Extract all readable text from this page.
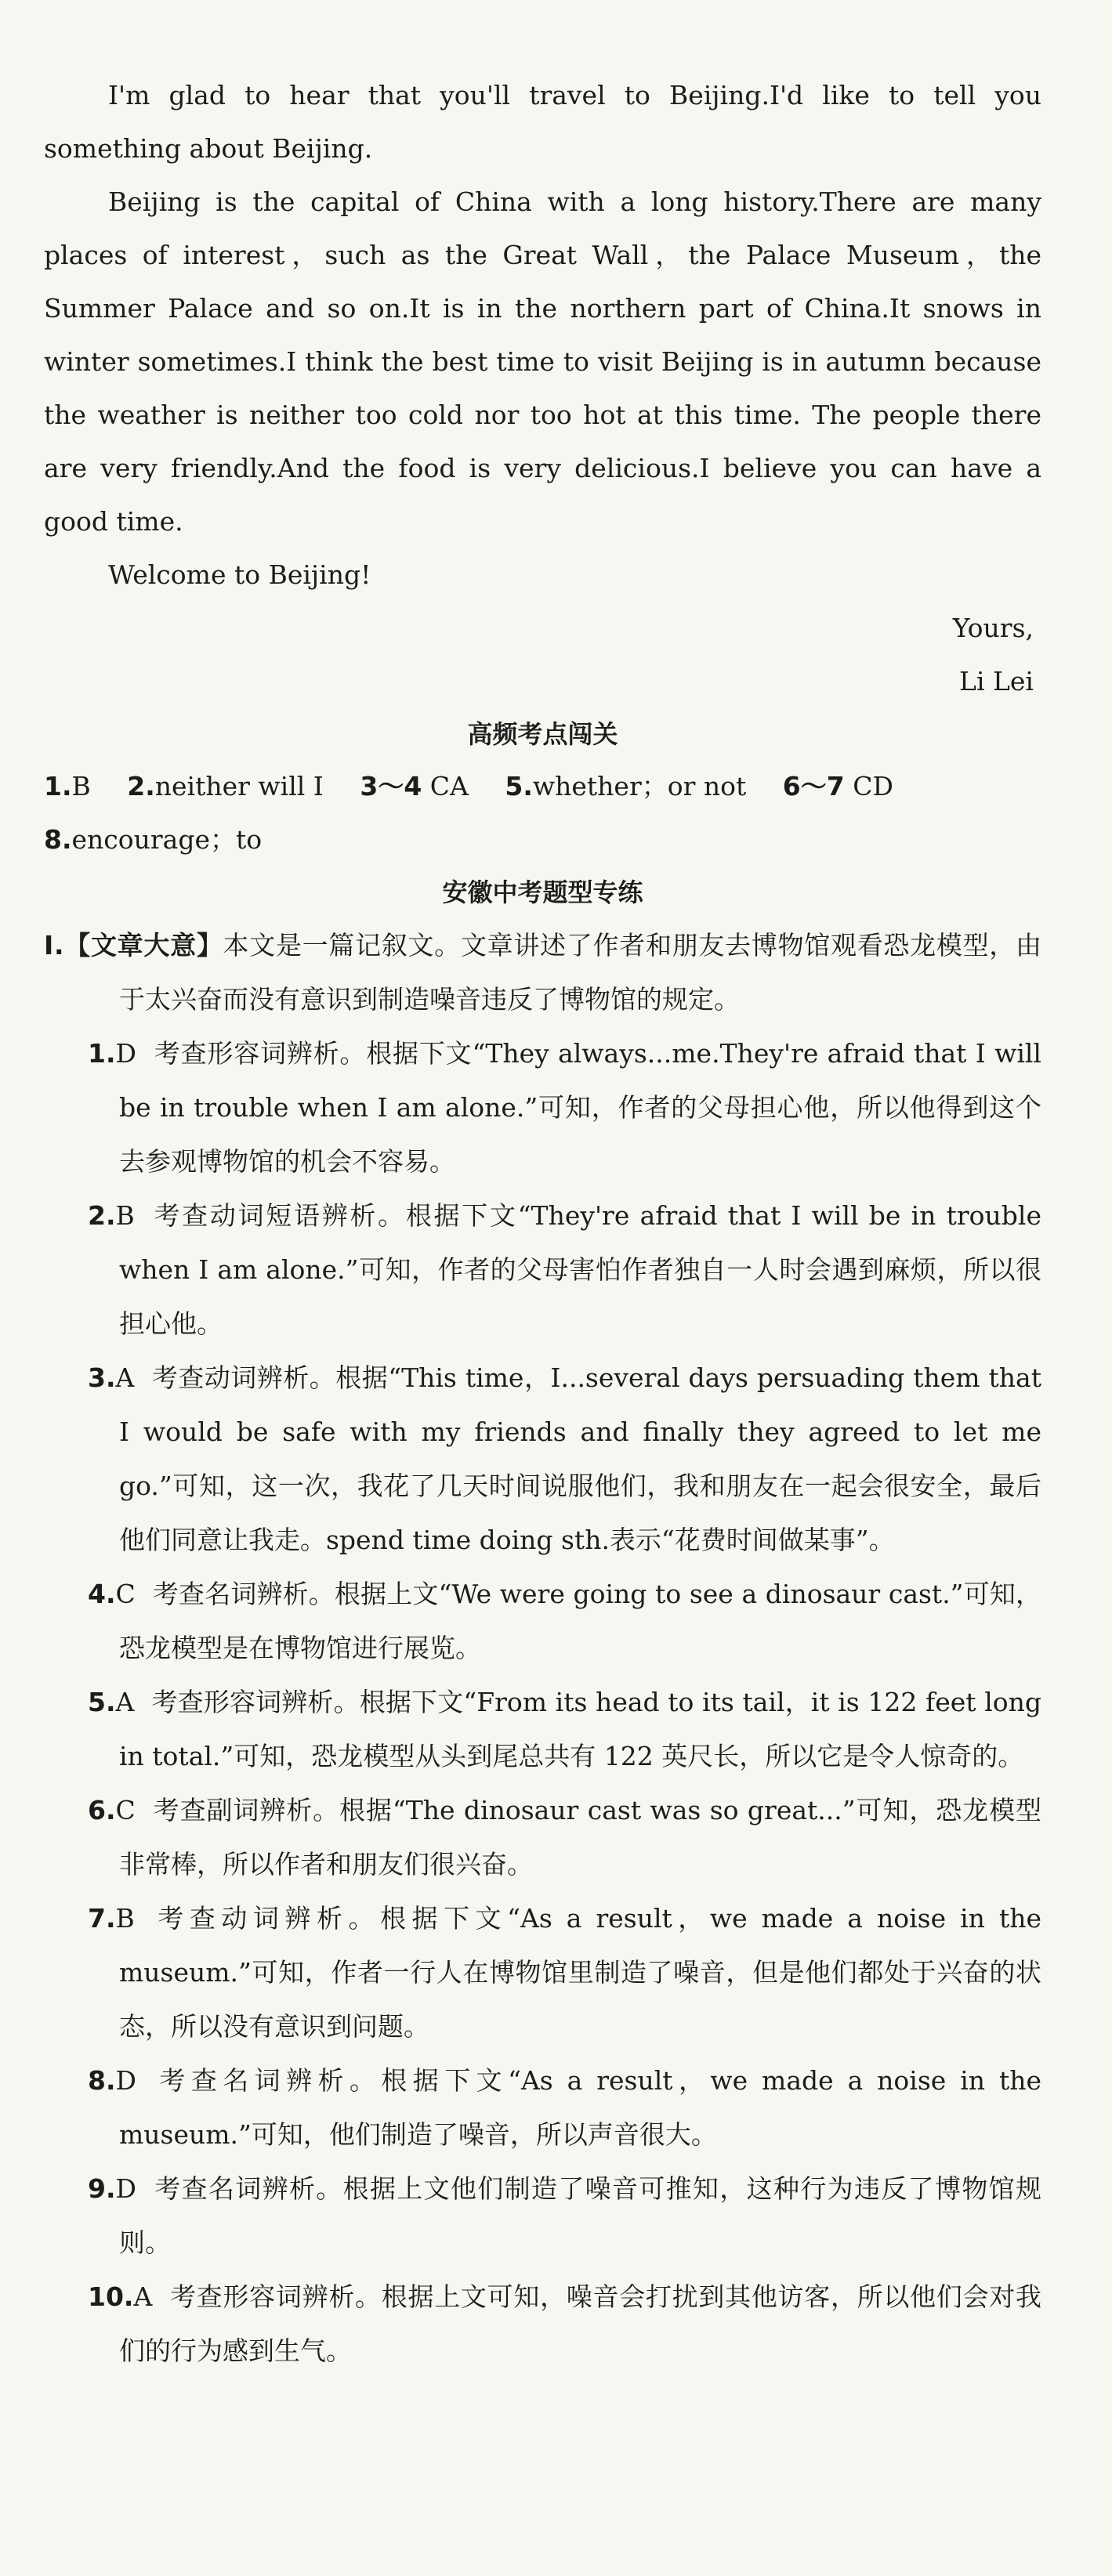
I'm glad to hear that you'll travel to Beijing.I'd like to tell you something about Beijing.

Beijing is the capital of China with a long history.There are many places of interest，such as the Great Wall，the Palace Museum，the Summer Palace and so on.It is in the northern part of China.It snows in winter sometimes.I think the best time to visit Beijing is in autumn because the weather is neither too cold nor too hot at this time. The people there are very friendly.And the food is very delicious.I believe you can have a good time.

Welcome to Beijing!

Yours,

Li Lei

高频考点闯关

1.B 2.neither will I 3～4 CA 5.whether；or not 6～7 CD

8.encourage；to

安徽中考题型专练

Ⅰ.【文章大意】本文是一篇记叙文。文章讲述了作者和朋友去博物馆观看恐龙模型，由于太兴奋而没有意识到制造噪音违反了博物馆的规定。

1.D 考查形容词辨析。根据下文“They always...me.They're afraid that I will be in trouble when I am alone.”可知，作者的父母担心他，所以他得到这个去参观博物馆的机会不容易。

2.B 考查动词短语辨析。根据下文“They're afraid that I will be in trouble when I am alone.”可知，作者的父母害怕作者独自一人时会遇到麻烦，所以很担心他。

3.A 考查动词辨析。根据“This time，I...several days persuading them that I would be safe with my friends and finally they agreed to let me go.”可知，这一次，我花了几天时间说服他们，我和朋友在一起会很安全，最后他们同意让我走。spend time doing sth.表示“花费时间做某事”。

4.C 考查名词辨析。根据上文“We were going to see a dinosaur cast.”可知，恐龙模型是在博物馆进行展览。

5.A 考查形容词辨析。根据下文“From its head to its tail，it is 122 feet long in total.”可知，恐龙模型从头到尾总共有 122 英尺长，所以它是令人惊奇的。

6.C 考查副词辨析。根据“The dinosaur cast was so great...”可知，恐龙模型非常棒，所以作者和朋友们很兴奋。

7.B 考查动词辨析。根据下文“As a result，we made a noise in the museum.”可知，作者一行人在博物馆里制造了噪音，但是他们都处于兴奋的状态，所以没有意识到问题。

8.D 考查名词辨析。根据下文“As a result，we made a noise in the museum.”可知，他们制造了噪音，所以声音很大。

9.D 考查名词辨析。根据上文他们制造了噪音可推知，这种行为违反了博物馆规则。

10.A 考查形容词辨析。根据上文可知，噪音会打扰到其他访客，所以他们会对我们的行为感到生气。
